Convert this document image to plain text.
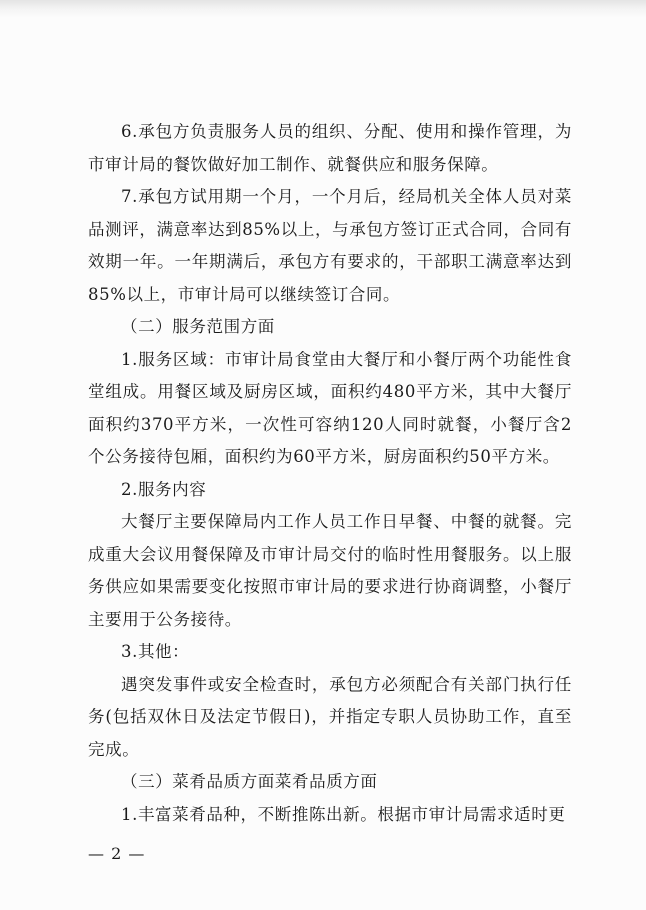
6.承包方负责服务人员的组织、分配、使用和操作管理，为市审计局的餐饮做好加工制作、就餐供应和服务保障。

7.承包方试用期一个月，一个月后，经局机关全体人员对菜品测评，满意率达到85%以上，与承包方签订正式合同，合同有效期一年。一年期满后，承包方有要求的，干部职工满意率达到85%以上，市审计局可以继续签订合同。

（二）服务范围方面

1.服务区域：市审计局食堂由大餐厅和小餐厅两个功能性食堂组成。用餐区域及厨房区域，面积约480平方米，其中大餐厅面积约370平方米，一次性可容纳120人同时就餐，小餐厅含2个公务接待包厢，面积约为60平方米，厨房面积约50平方米。

2.服务内容

大餐厅主要保障局内工作人员工作日早餐、中餐的就餐。完成重大会议用餐保障及市审计局交付的临时性用餐服务。以上服务供应如果需要变化按照市审计局的要求进行协商调整，小餐厅主要用于公务接待。

3.其他：

遇突发事件或安全检查时，承包方必须配合有关部门执行任务(包括双休日及法定节假日)，并指定专职人员协助工作，直至完成。

（三）菜肴品质方面菜肴品质方面

1.丰富菜肴品种，不断推陈出新。根据市审计局需求适时更

— 2 —
